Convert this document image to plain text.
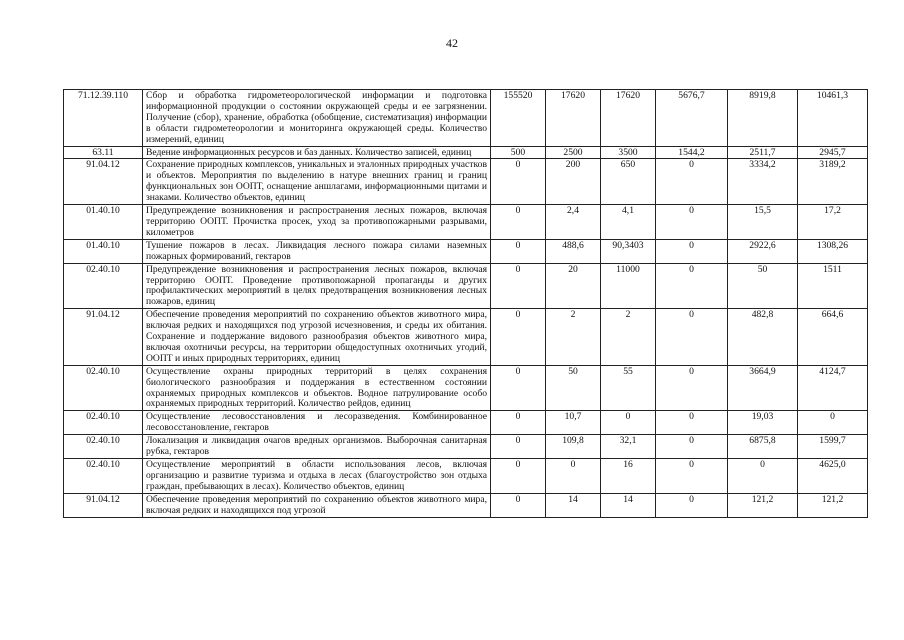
42
71.12.39.110	Сбор и обработка гидрометеорологической информации и подготовка информационной продукции о состоянии окружающей среды и ее загрязнении. Получение (сбор), хранение, обработка (обобщение, систематизация) информации в области гидрометеорологии и мониторинга окружающей среды. Количество измерений, единиц	155520	17620	17620	5676,7	8919,8	10461,3
63.11	Ведение информационных ресурсов и баз данных. Количество записей, единиц	500	2500	3500	1544,2	2511,7	2945,7
91.04.12	Сохранение природных комплексов, уникальных и эталонных природных участков и объектов. Мероприятия по выделению в натуре внешних границ и границ функциональных зон ООПТ, оснащение аншлагами, информационными щитами и знаками. Количество объектов, единиц	0	200	650	0	3334,2	3189,2
01.40.10	Предупреждение возникновения и распространения лесных пожаров, включая территорию ООПТ. Прочистка просек, уход за противопожарными разрывами, километров	0	2,4	4,1	0	15,5	17,2
01.40.10	Тушение пожаров в лесах. Ликвидация лесного пожара силами наземных пожарных формирований, гектаров	0	488,6	90,3403	0	2922,6	1308,26
02.40.10	Предупреждение возникновения и распространения лесных пожаров, включая территорию ООПТ. Проведение противопожарной пропаганды и других профилактических мероприятий в целях предотвращения возникновения лесных пожаров, единиц	0	20	11000	0	50	1511
91.04.12	Обеспечение проведения мероприятий по сохранению объектов животного мира, включая редких и находящихся под угрозой исчезновения, и среды их обитания. Сохранение и поддержание видового разнообразия объектов животного мира, включая охотничьи ресурсы, на территории общедоступных охотничьих угодий, ООПТ и иных природных территориях, единиц	0	2	2	0	482,8	664,6
02.40.10	Осуществление охраны природных территорий в целях сохранения биологического разнообразия и поддержания в естественном состоянии охраняемых природных комплексов и объектов. Водное патрулирование особо охраняемых природных территорий. Количество рейдов, единиц	0	50	55	0	3664,9	4124,7
02.40.10	Осуществление лесовосстановления и лесоразведения. Комбинированное лесовосстановление, гектаров	0	10,7	0	0	19,03	0
02.40.10	Локализация и ликвидация очагов вредных организмов. Выборочная санитарная рубка, гектаров	0	109,8	32,1	0	6875,8	1599,7
02.40.10	Осуществление мероприятий в области использования лесов, включая организацию и развитие туризма и отдыха в лесах (благоустройство зон отдыха граждан, пребывающих в лесах). Количество объектов, единиц	0	0	16	0	0	4625,0
91.04.12	Обеспечение проведения мероприятий по сохранению объектов животного мира, включая редких и находящихся под угрозой	0	14	14	0	121,2	121,2
